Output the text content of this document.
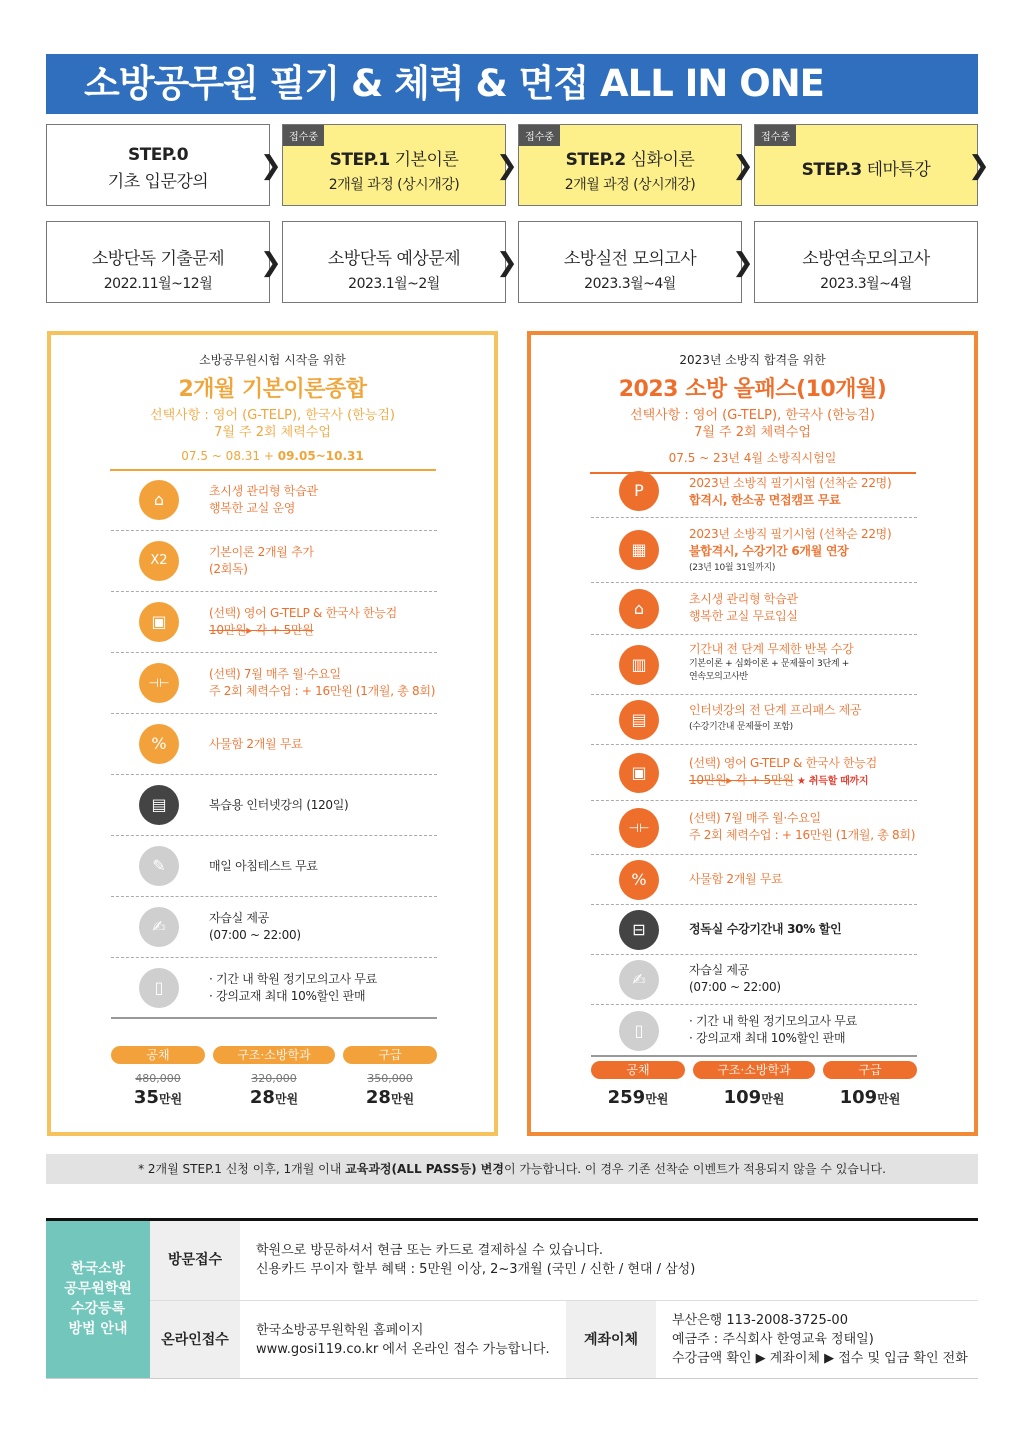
소방공무원 필기 & 체력 & 면접 ALL IN ONE
STEP.0
기초 입문강의
접수중
STEP.1 기본이론
2개월 과정 (상시개강)
접수중
STEP.2 심화이론
2개월 과정 (상시개강)
접수중
STEP.3 테마특강
❯	❯	❯	❯
소방단독 기출문제
2022.11월~12월
소방단독 예상문제
2023.1월~2월
소방실전 모의고사
2023.3월~4월
소방연속모의고사
2023.3월~4월
❯	❯	❯
소방공무원시험 시작을 위한
2개월 기본이론종합
선택사항 : 영어 (G-TELP), 한국사 (한능검)
7월 주 2회 체력수업
07.5 ~ 08.31 + 09.05~10.31
⌂	초시생 관리형 학습관
행복한 교실 운영
X2
기본이론 2개월 추가
(2회독)
▣	(선택) 영어 G-TELP & 한국사 한능검
10만원▸ 각 + 5만원
⊣⊢
(선택) 7월 매주 월·수요일
주 2회 체력수업 : + 16만원 (1개월, 총 8회)
%	사물함 2개월 무료
▤	복습용 인터넷강의 (120일)
✎	매일 아침테스트 무료
✍	자습실 제공
(07:00 ~ 22:00)
▯	· 기간 내 학원 정기모의고사 무료
· 강의교재 최대 10%할인 판매
공채	구조·소방학과	구급
480,000	320,000	350,000
35만원	28만원	28만원
2023년 소방직 합격을 위한
2023 소방 올패스(10개월)
선택사항 : 영어 (G-TELP), 한국사 (한능검)
7월 주 2회 체력수업
07.5 ~ 23년 4월 소방직시험일
P	2023년 소방직 필기시험 (선착순 22명)
합격시, 한소공 면접캠프 무료
▦
2023년 소방직 필기시험 (선착순 22명)
불합격시, 수강기간 6개월 연장
(23년 10월 31일까지)
⌂	초시생 관리형 학습관
행복한 교실 무료입실
▥
기간내 전 단계 무제한 반복 수강
기본이론 + 심화이론 + 문제풀이 3단계 +
연속모의고사반
▤	인터넷강의 전 단계 프리패스 제공
(수강기간내 문제풀이 포함)
▣	(선택) 영어 G-TELP & 한국사 한능검
10만원▸ 각 + 5만원 ★ 취득할 때까지
⊣⊢
(선택) 7월 매주 월·수요일
주 2회 체력수업 : + 16만원 (1개월, 총 8회)
%	사물함 2개월 무료
⊟	정독실 수강기간내 30% 할인
✍	자습실 제공
(07:00 ~ 22:00)
▯	· 기간 내 학원 정기모의고사 무료
· 강의교재 최대 10%할인 판매
공채	구조·소방학과	구급
259만원	109만원	109만원
* 2개월 STEP.1 신청 이후, 1개월 이내 교육과정(ALL PASS등) 변경이 가능합니다. 이 경우 기존 선착순 이벤트가 적용되지 않을 수 있습니다.
한국소방
공무원학원
수강등록
방법 안내
방문접수
학원으로 방문하셔서 현금 또는 카드로 결제하실 수 있습니다.
신용카드 무이자 할부 혜택 : 5만원 이상, 2~3개월 (국민 / 신한 / 현대 / 삼성)
온라인접수
한국소방공무원학원 홈페이지
www.gosi119.co.kr 에서 온라인 접수 가능합니다.
계좌이체
부산은행 113-2008-3725-00
예금주 : 주식회사 한영교육 정태일)
수강금액 확인 ▶ 계좌이체 ▶ 접수 및 입금 확인 전화
